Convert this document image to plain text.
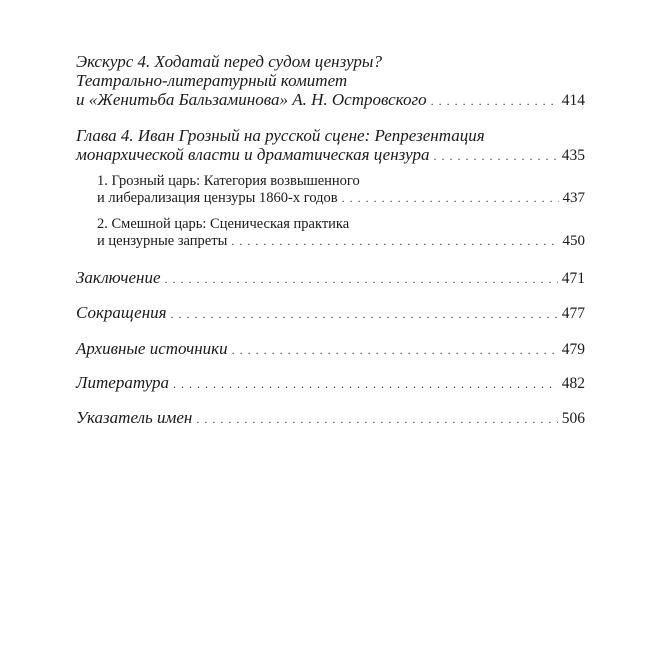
Экскурс 4. Ходатай перед судом цензуры?
Театрально-литературный комитет
и «Женитьба Бальзаминова» А. Н. Островского . . .	414
Глава 4. Иван Грозный на русской сцене: Репрезентация
монархической власти и драматическая цензура . . .	435
1. Грозный царь: Категория возвышенного
и либерализация цензуры 1860-х годов . . .	437
2. Смешной царь: Сценическая практика
и цензурные запреты . . .	450
Заключение . . .	471
Сокращения . . .	477
Архивные источники . . .	479
Литература . . .	482
Указатель имен . . .	506
